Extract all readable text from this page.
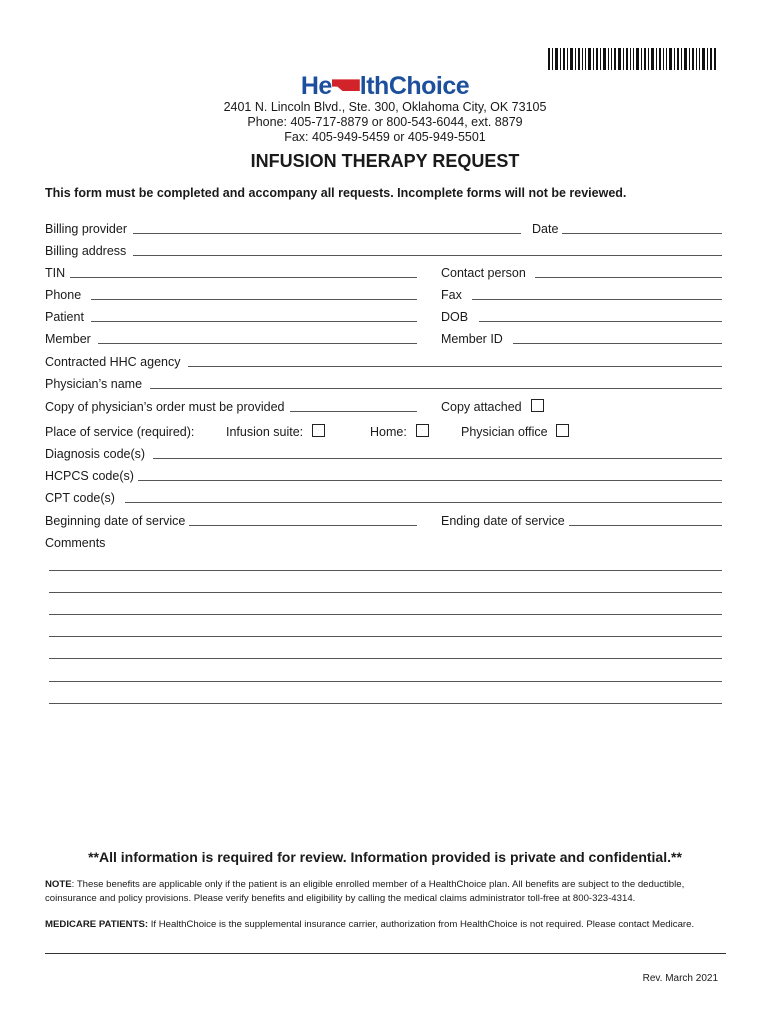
He lthChoice
2401 N. Lincoln Blvd., Ste. 300, Oklahoma City, OK 73105
Phone: 405-717-8879 or 800-543-6044, ext. 8879
Fax: 405-949-5459 or 405-949-5501
INFUSION THERAPY REQUEST
This form must be completed and accompany all requests. Incomplete forms will not be reviewed.
Billing provider	Date
Billing address
TIN	Contact person
Phone	Fax
Patient	DOB
Member	Member ID
Contracted HHC agency
Physician’s name
Copy of physician’s order must be provided	Copy attached
Place of service (required):	Infusion suite:	Home:	Physician office
Diagnosis code(s)
HCPCS code(s)
CPT code(s)
Beginning date of service	Ending date of service
Comments
**All information is required for review. Information provided is private and confidential.**
NOTE: These benefits are applicable only if the patient is an eligible enrolled member of a HealthChoice plan. All benefits are subject to the deductible, coinsurance and policy provisions. Please verify benefits and eligibility by calling the medical claims administrator toll-free at 800-323-4314.
MEDICARE PATIENTS: If HealthChoice is the supplemental insurance carrier, authorization from HealthChoice is not required. Please contact Medicare.
Rev. March 2021
